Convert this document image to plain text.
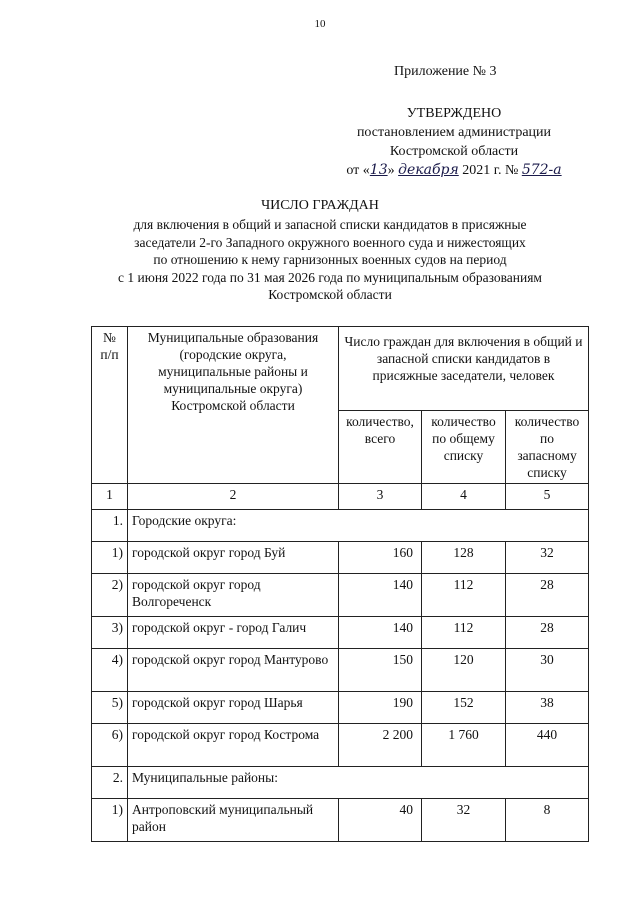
10
Приложение № 3
УТВЕРЖДЕНО
постановлением администрации
Костромской области
от «13» декабря 2021 г. № 572-а
ЧИСЛО ГРАЖДАН
для включения в общий и запасной списки кандидатов в присяжные
заседатели 2-го Западного окружного военного суда и нижестоящих
по отношению к нему гарнизонных военных судов на период
с 1 июня 2022 года по 31 мая 2026 года по муниципальным образованиям
Костромской области
№ п/п	Муниципальные образования (городские округа, муниципальные районы и муниципальные округа) Костромской области	Число граждан для включения в общий и запасной списки кандидатов в присяжные заседатели, человек		
		количество, всего	количество по общему списку	количество по запасному списку
1	2	3	4	5
1.	Городские округа:			
1)	городской округ город Буй	160	128	32
2)	городской округ город Волгореченск	140	112	28
3)	городской округ - город Галич	140	112	28
4)	городской округ город Мантурово	150	120	30
5)	городской округ город Шарья	190	152	38
6)	городской округ город Кострома	2 200	1 760	440
2.	Муниципальные районы:			
1)	Антроповский муниципальный район	40	32	8
